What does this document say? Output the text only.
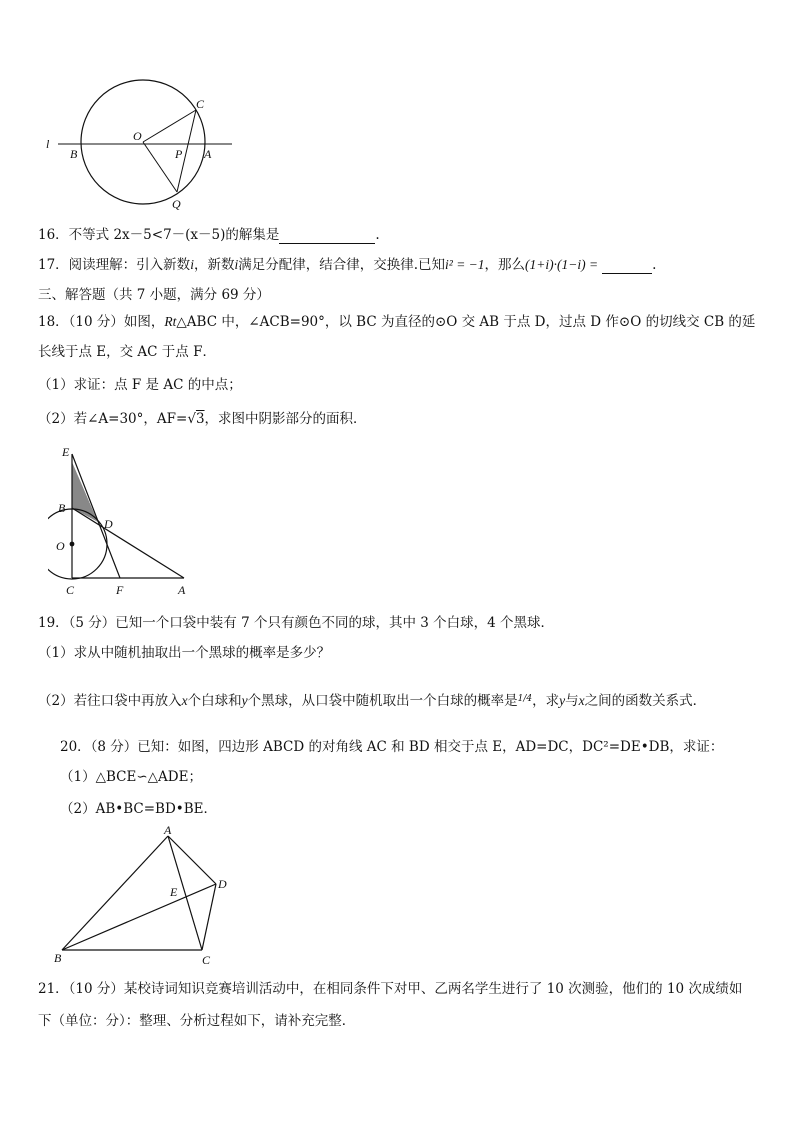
l
B
O
C
P A
Q
16．不等式 2x－5<7－(x－5)的解集是	.
17．阅读理解：引入新数i，新数i满足分配律，结合律，交换律.已知i² = −1，那么(1+i)·(1−i) =	.
三、解答题（共 7 小题，满分 69 分）
18．（10 分）如图，Rt△ABC 中，∠ACB=90°，以 BC 为直径的⊙O 交 AB 于点 D，过点 D 作⊙O 的切线交 CB 的延
长线于点 E，交 AC 于点 F．
（1）求证：点 F 是 AC 的中点；
（2）若∠A=30°，AF=√3，求图中阴影部分的面积．
E
B
D
O
C	F	A
19．（5 分）已知一个口袋中装有 7 个只有颜色不同的球，其中 3 个白球，4 个黑球．
（1）求从中随机抽取出一个黑球的概率是多少？
（2）若往口袋中再放入x个白球和y个黑球，从口袋中随机取出一个白球的概率是$^{1/4}$，求y与x之间的函数关系式．
20．（8 分）已知：如图，四边形 ABCD 的对角线 AC 和 BD 相交于点 E，AD=DC，DC²=DE•DB，求证：
（1）△BCE∽△ADE；
（2）AB•BC=BD•BE．
A
E
D
B	C
21．（10 分）某校诗词知识竞赛培训活动中，在相同条件下对甲、乙两名学生进行了 10 次测验，他们的 10 次成绩如
下（单位：分）：整理、分析过程如下，请补充完整．
